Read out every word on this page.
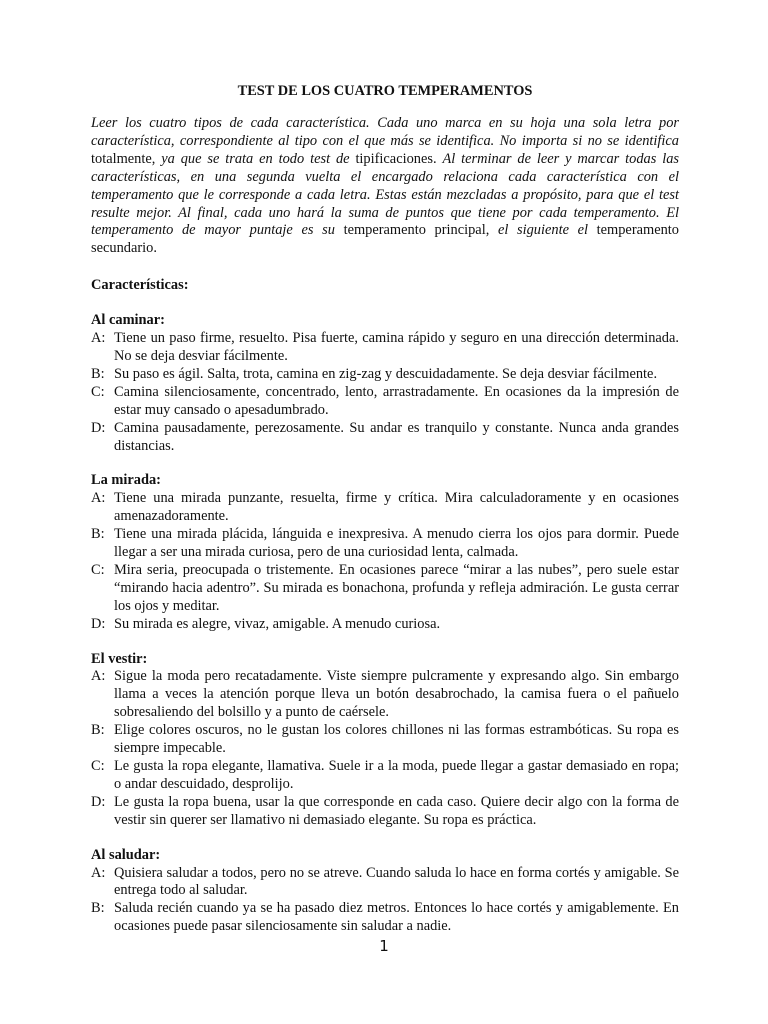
TEST DE LOS CUATRO TEMPERAMENTOS

Leer los cuatro tipos de cada característica. Cada uno marca en su hoja una sola letra por característica, correspondiente al tipo con el que más se identifica. No importa si no se identifica totalmente, ya que se trata en todo test de tipificaciones. Al terminar de leer y marcar todas las características, en una segunda vuelta el encargado relaciona cada característica con el temperamento que le corresponde a cada letra. Estas están mezcladas a propósito, para que el test resulte mejor. Al final, cada uno hará la suma de puntos que tiene por cada temperamento. El temperamento de mayor puntaje es su temperamento principal, el siguiente el temperamento secundario.

Características:

Al caminar:

A: Tiene un paso firme, resuelto. Pisa fuerte, camina rápido y seguro en una dirección determinada. No se deja desviar fácilmente.
B: Su paso es ágil. Salta, trota, camina en zig-zag y descuidadamente. Se deja desviar fácilmente.
C: Camina silenciosamente, concentrado, lento, arrastradamente. En ocasiones da la impresión de estar muy cansado o apesadumbrado.
D: Camina pausadamente, perezosamente. Su andar es tranquilo y constante. Nunca anda grandes distancias.

La mirada:

A: Tiene una mirada punzante, resuelta, firme y crítica. Mira calculadoramente y en ocasiones amenazadoramente.
B: Tiene una mirada plácida, lánguida e inexpresiva. A menudo cierra los ojos para dormir. Puede llegar a ser una mirada curiosa, pero de una curiosidad lenta, calmada.
C: Mira seria, preocupada o tristemente. En ocasiones parece “mirar a las nubes”, pero suele estar “mirando hacia adentro”. Su mirada es bonachona, profunda y refleja admiración. Le gusta cerrar los ojos y meditar.
D: Su mirada es alegre, vivaz, amigable. A menudo curiosa.

El vestir:

A: Sigue la moda pero recatadamente. Viste siempre pulcramente y expresando algo. Sin embargo llama a veces la atención porque lleva un botón desabrochado, la camisa fuera o el pañuelo sobresaliendo del bolsillo y a punto de caérsele.
B: Elige colores oscuros, no le gustan los colores chillones ni las formas estrambóticas. Su ropa es siempre impecable.
C: Le gusta la ropa elegante, llamativa. Suele ir a la moda, puede llegar a gastar demasiado en ropa; o andar descuidado, desprolijo.
D: Le gusta la ropa buena, usar la que corresponde en cada caso. Quiere decir algo con la forma de vestir sin querer ser llamativo ni demasiado elegante. Su ropa es práctica.

Al saludar:

A: Quisiera saludar a todos, pero no se atreve. Cuando saluda lo hace en forma cortés y amigable. Se entrega todo al saludar.
B: Saluda recién cuando ya se ha pasado diez metros. Entonces lo hace cortés y amigablemente. En ocasiones puede pasar silenciosamente sin saludar a nadie.
1
